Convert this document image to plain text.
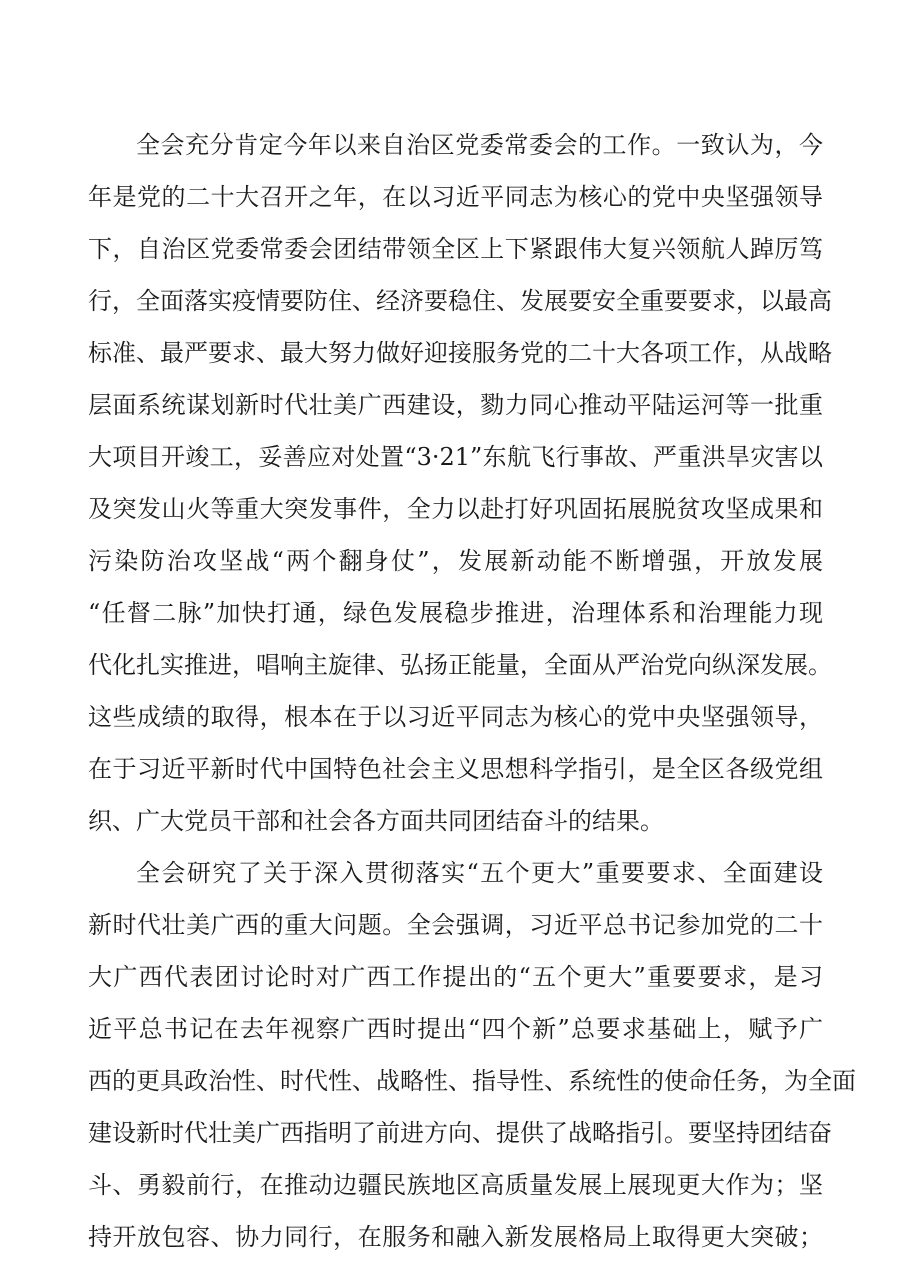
全会充分肯定今年以来自治区党委常委会的工作。一致认为，今
年是党的二十大召开之年，在以习近平同志为核心的党中央坚强领导
下，自治区党委常委会团结带领全区上下紧跟伟大复兴领航人踔厉笃
行，全面落实疫情要防住、经济要稳住、发展要安全重要要求，以最高
标准、最严要求、最大努力做好迎接服务党的二十大各项工作，从战略
层面系统谋划新时代壮美广西建设，勠力同心推动平陆运河等一批重
大项目开竣工，妥善应对处置“3·21”东航飞行事故、严重洪旱灾害以
及突发山火等重大突发事件，全力以赴打好巩固拓展脱贫攻坚成果和
污染防治攻坚战“两个翻身仗”，发展新动能不断增强，开放发展
“任督二脉”加快打通，绿色发展稳步推进，治理体系和治理能力现
代化扎实推进，唱响主旋律、弘扬正能量，全面从严治党向纵深发展。
这些成绩的取得，根本在于以习近平同志为核心的党中央坚强领导，
在于习近平新时代中国特色社会主义思想科学指引，是全区各级党组
织、广大党员干部和社会各方面共同团结奋斗的结果。
全会研究了关于深入贯彻落实“五个更大”重要要求、全面建设
新时代壮美广西的重大问题。全会强调，习近平总书记参加党的二十
大广西代表团讨论时对广西工作提出的“五个更大”重要要求，是习
近平总书记在去年视察广西时提出“四个新”总要求基础上，赋予广
西的更具政治性、时代性、战略性、指导性、系统性的使命任务，为全面
建设新时代壮美广西指明了前进方向、提供了战略指引。要坚持团结奋
斗、勇毅前行，在推动边疆民族地区高质量发展上展现更大作为；坚
持开放包容、协力同行，在服务和融入新发展格局上取得更大突破；
